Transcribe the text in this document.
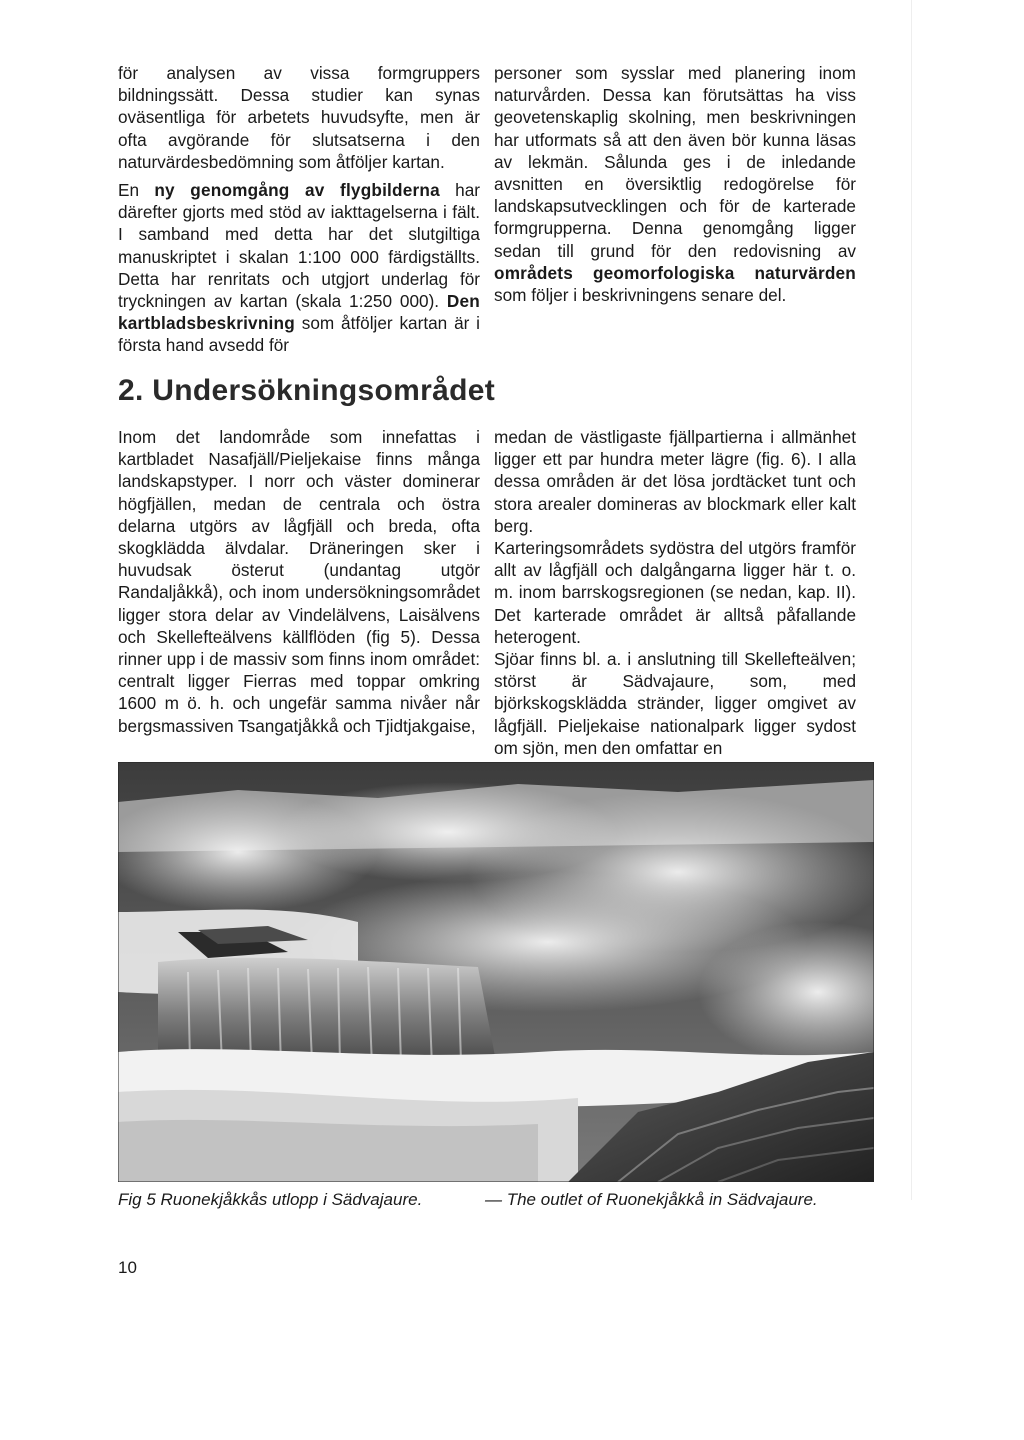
för analysen av vissa formgruppers bildningssätt. Dessa studier kan synas oväsentliga för arbetets huvudsyfte, men är ofta avgörande för slutsatserna i den naturvärdesbedömning som åtföljer kartan.

En ny genomgång av flygbilderna har därefter gjorts med stöd av iakttagelserna i fält. I samband med detta har det slutgiltiga manuskriptet i skalan 1:100 000 färdigställts. Detta har renritats och utgjort underlag för tryckningen av kartan (skala 1:250 000). Den kartbladsbeskrivning som åtföljer kartan är i första hand avsedd för

personer som sysslar med planering inom naturvården. Dessa kan förutsättas ha viss geovetenskaplig skolning, men beskrivningen har utformats så att den även bör kunna läsas av lekmän. Sålunda ges i de inledande avsnitten en översiktlig redogörelse för landskapsutvecklingen och för de karterade formgrupperna. Denna genomgång ligger sedan till grund för den redovisning av områdets geomorfologiska naturvärden som följer i beskrivningens senare del.

2. Undersökningsområdet

Inom det landområde som innefattas i kartbladet Nasafjäll/Pieljekaise finns många landskapstyper. I norr och väster dominerar högfjällen, medan de centrala och östra delarna utgörs av lågfjäll och breda, ofta skogklädda älvdalar. Dräneringen sker i huvudsak österut (undantag utgör Randaljåkkå), och inom undersökningsområdet ligger stora delar av Vindelälvens, Laisälvens och Skellefteälvens källflöden (fig 5). Dessa rinner upp i de massiv som finns inom området: centralt ligger Fierras med toppar omkring 1600 m ö. h. och ungefär samma nivåer når bergsmassiven Tsangatjåkkå och Tjidtjakgaise,

medan de västligaste fjällpartierna i allmänhet ligger ett par hundra meter lägre (fig. 6). I alla dessa områden är det lösa jordtäcket tunt och stora arealer domineras av blockmark eller kalt berg.

Karteringsområdets sydöstra del utgörs framför allt av lågfjäll och dalgångarna ligger här t. o. m. inom barrskogsregionen (se nedan, kap. II). Det karterade området är alltså påfallande heterogent.

Sjöar finns bl. a. i anslutning till Skellefteälven; störst är Sädvajaure, som, med björkskogsklädda stränder, ligger omgivet av lågfjäll. Pieljekaise nationalpark ligger sydost om sjön, men den omfattar en

Fig 5 Ruonekjåkkås utlopp i Sädvajaure.	— The outlet of Ruonekjåkkå in Sädvajaure.

10
